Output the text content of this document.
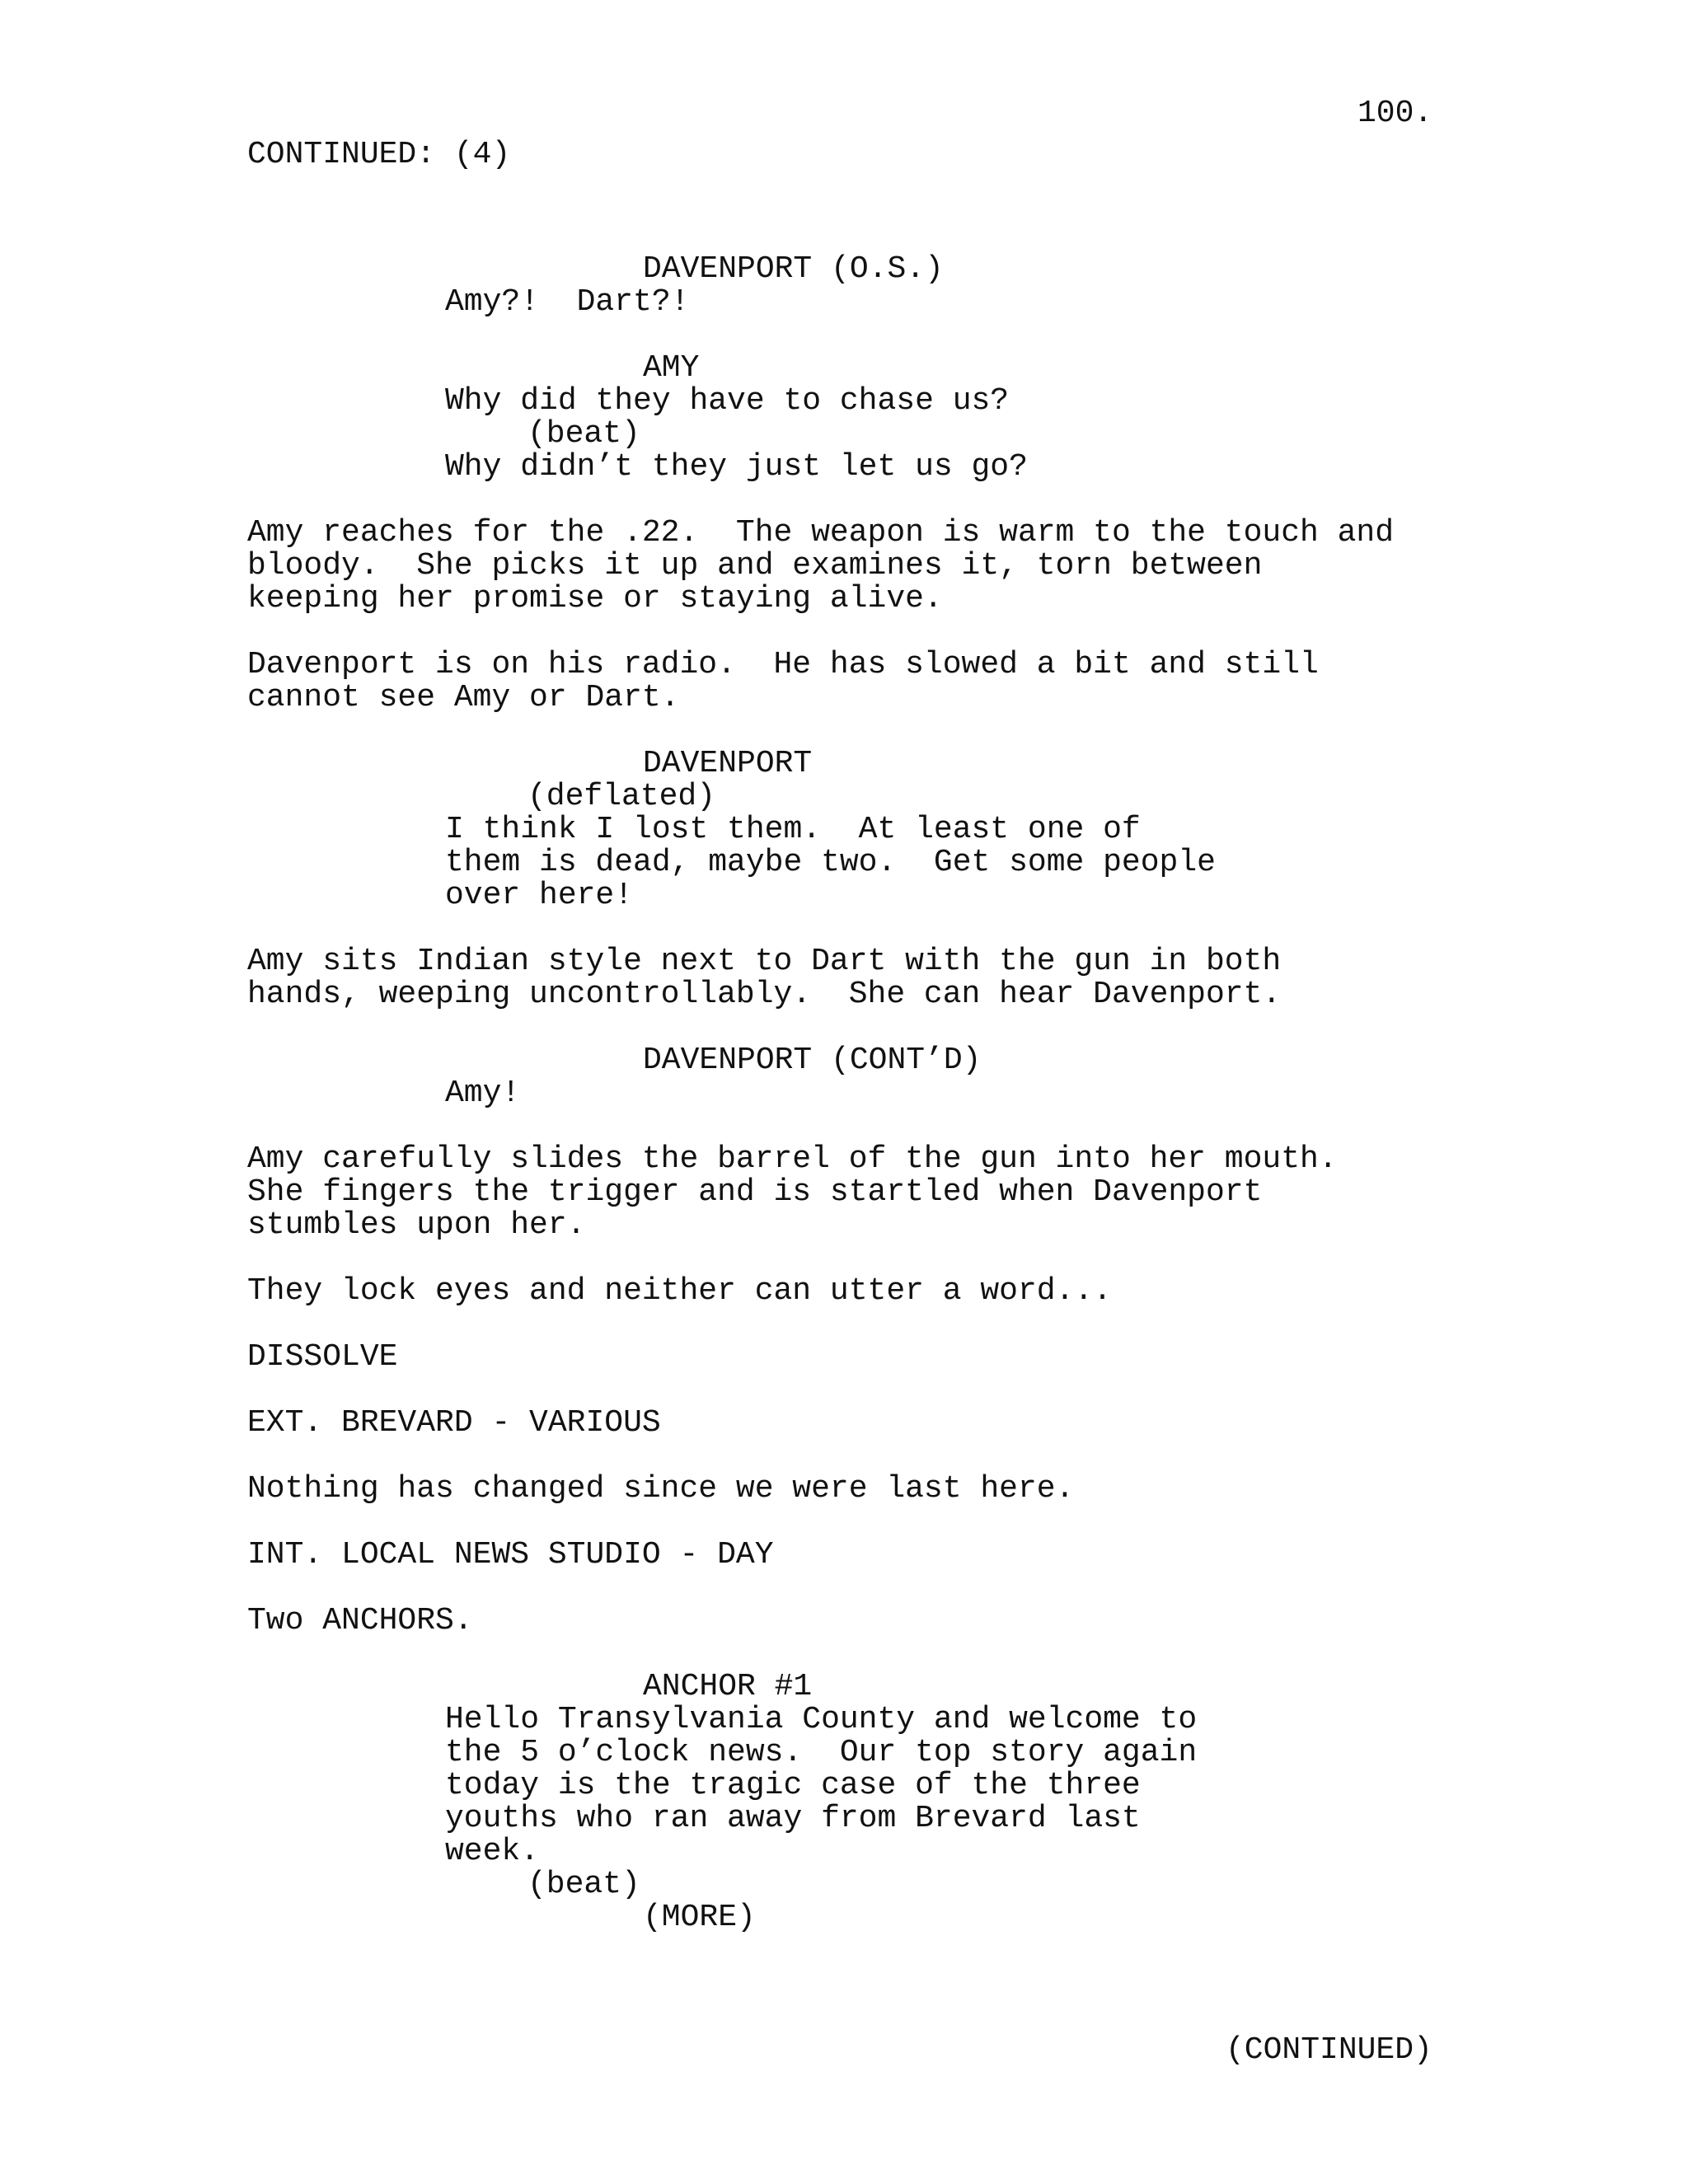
100.
CONTINUED: (4)
DAVENPORT (O.S.)
Amy?!  Dart?!
AMY
Why did they have to chase us?
(beat)
Why didn’t they just let us go?
Amy reaches for the .22.  The weapon is warm to the touch and
bloody.  She picks it up and examines it, torn between
keeping her promise or staying alive.
Davenport is on his radio.  He has slowed a bit and still
cannot see Amy or Dart.
DAVENPORT
(deflated)
I think I lost them.  At least one of
them is dead, maybe two.  Get some people
over here!
Amy sits Indian style next to Dart with the gun in both
hands, weeping uncontrollably.  She can hear Davenport.
DAVENPORT (CONT’D)
Amy!
Amy carefully slides the barrel of the gun into her mouth.
She fingers the trigger and is startled when Davenport
stumbles upon her.
They lock eyes and neither can utter a word...
DISSOLVE
EXT. BREVARD - VARIOUS
Nothing has changed since we were last here.
INT. LOCAL NEWS STUDIO - DAY
Two ANCHORS.
ANCHOR #1
Hello Transylvania County and welcome to
the 5 o’clock news.  Our top story again
today is the tragic case of the three
youths who ran away from Brevard last
week.
(beat)
(MORE)
(CONTINUED)
